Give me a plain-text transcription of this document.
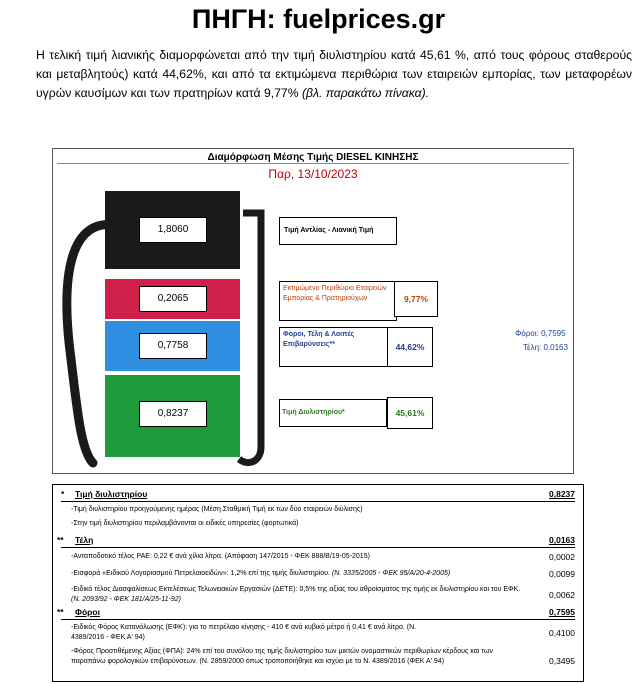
ΠΗΓΗ: fuelprices.gr
Η τελική τιμή λιανικής διαμορφώνεται από την τιμή διυλιστηρίου κατά 45,61 %, από τους φόρους σταθερούς και μεταβλητούς) κατά 44,62%, και από τα εκτιμώμενα περιθώρια των εταιρειών εμπορίας, των μεταφορέων υγρών καυσίμων και των πρατηρίων κατά 9,77% (βλ. παρακάτω πίνακα).
Διαμόρφωση Μέσης Τιμής DIESEL ΚΙΝΗΣΗΣ
Παρ, 13/10/2023
1,8060
0,2065
0,7758
0,8237
Τιμή Αντλίας - Λιανική Τιμή
Εκτιμώμενο Περιθώριο Εταιρειών Εμπορίας & Πρατηριούχων	9,77%
Φόροι, Τέλη & Λοιπές Επιβαρύνσεις**	44,62%
Τιμή Διυλιστηρίου*	45,61%
Φόροι: 0,7595
Τέλη: 0,0163
* Τιμή διυλιστηρίου	0,8237
-Τιμή διυλιστηρίου προηγούμενης ημέρας (Μέση Σταθμική Τιμή εκ των δύο εταιρειών διύλισης)
-Στην τιμή διυλιστηρίου περιλαμβάνονται οι ειδικές υπηρεσίες (φορτωτικά)
** Τέλη	0,0163
-Ανταποδοτικό τέλος ΡΑΕ: 0,22 € ανά χίλια λίτρα. (Απόφαση 147/2015 - ΦΕΚ 888/Β/19-05-2015)	0,0002
-Εισφορά «Ειδικού Λογαριασμού Πετρελαιοειδών»: 1,2% επί της τιμής διυλιστηρίου. (Ν. 3335/2005 - ΦΕΚ 95/Α/20-4-2005)	0,0099
-Ειδικό τέλος Διασφαλίσεως Εκτελέσεως Τελωνειακών Εργασιών (ΔΕΤΕ): 0,5% της αξίας του αθροίσματος της τιμής εκ διυλιστηρίου και του ΕΦΚ. (Ν. 2093/92 - ΦΕΚ 181/Α/25-11-92)	0,0062
** Φόροι	0,7595
-Ειδικός Φόρος Κατανάλωσης (ΕΦΚ): για το πετρέλαιο κίνησης - 410 € ανά κυβικό μέτρο ή 0,41 € ανά λίτρο. (Ν. 4389/2016 - ΦΕΚ Α' 94)	0,4100
-Φόρος Προστιθέμενης Αξίας (ΦΠΑ): 24% επί του συνόλου της τιμής διυλιστηρίου των μικτών ονομαστικών περιθωρίων κέρδους και των παραπάνω φορολογικών επιβαρύνσεων. (Ν. 2859/2000 όπως τροποποιήθηκε και ισχύει με το Ν. 4389/2016 (ΦΕΚ Α' 94)	0,3495
